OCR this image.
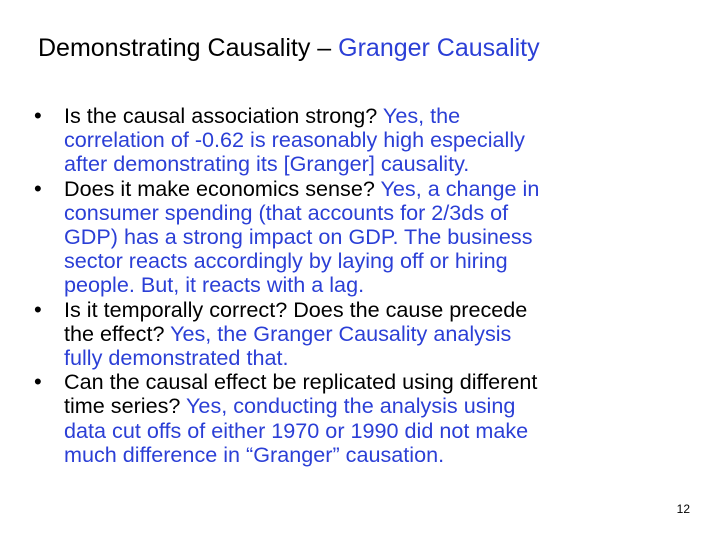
Demonstrating Causality – Granger Causality
•	Is the causal association strong? Yes, the
correlation of -0.62 is reasonably high especially
after demonstrating its [Granger] causality.
•	Does it make economics sense? Yes, a change in
consumer spending (that accounts for 2/3ds of
GDP) has a strong impact on GDP. The business
sector reacts accordingly by laying off or hiring
people. But, it reacts with a lag.
•	Is it temporally correct? Does the cause precede
the effect? Yes, the Granger Causality analysis
fully demonstrated that.
•	Can the causal effect be replicated using different
time series? Yes, conducting the analysis using
data cut offs of either 1970 or 1990 did not make
much difference in “Granger” causation.
12
